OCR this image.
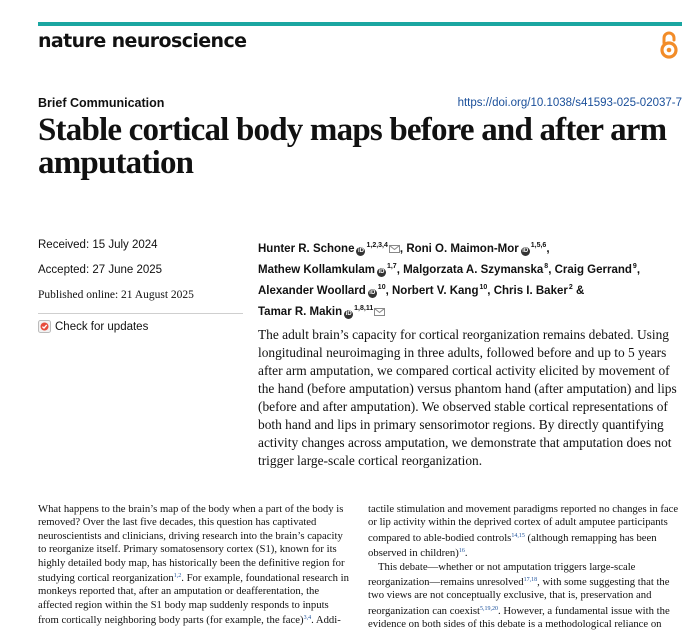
nature neuroscience
Brief Communication	https://doi.org/10.1038/s41593-025-02037-7
Stable cortical body maps before and after arm amputation
Received: 15 July 2024
Accepted: 27 June 2025
Published online: 21 August 2025
Check for updates
Hunter R. Schone iD$^{1,2,3,4}$ , Roni O. Maimon-Mor iD$^{1,5,6}$, Mathew Kollamkulam iD$^{1,7}$, Malgorzata A. Szymanska$^8$, Craig Gerrand$^9$, Alexander Woollard $iD^{10}$, Norbert V. Kang$^{10}$, Chris I. Baker$^2$ & Tamar R. Makin iD$^{1,8,11}$

The adult brain’s capacity for cortical reorganization remains debated. Using longitudinal neuroimaging in three adults, followed before and up to 5 years after arm amputation, we compared cortical activity elicited by movement of the hand (before amputation) versus phantom hand (after amputation) and lips (before and after amputation). We observed stable cortical representations of both hand and lips in primary sensorimotor regions. By directly quantifying activity changes across amputation, we demonstrate that amputation does not trigger large-scale cortical reorganization.

What happens to the brain’s map of the body when a part of the body is removed? Over the last five decades, this question has captivated neuroscientists and clinicians, driving research into the brain’s capacity to reorganize itself. Primary somatosensory cortex (S1), known for its highly detailed body map, has historically been the definitive region for studying cortical reorganization$^{1,2}$. For example, foundational research in monkeys reported that, after an amputation or deafferentation, the affected region within the S1 body map suddenly responds to inputs from cortically neighboring body parts (for example, the face)$^{3,4}$. Addi-

tactile stimulation and movement paradigms reported no changes in face or lip activity within the deprived cortex of adult amputee participants compared to able-bodied controls$^{14,15}$ (although remapping has been observed in children)$^{16}$.
This debate—whether or not amputation triggers large-scale reorganization—remains unresolved$^{17,18}$, with some suggesting that the two views are not conceptually exclusive, that is, preservation and reorganization can coexist$^{5,19,20}$. However, a fundamental issue with the evidence on both sides of this debate is a methodological reliance on
